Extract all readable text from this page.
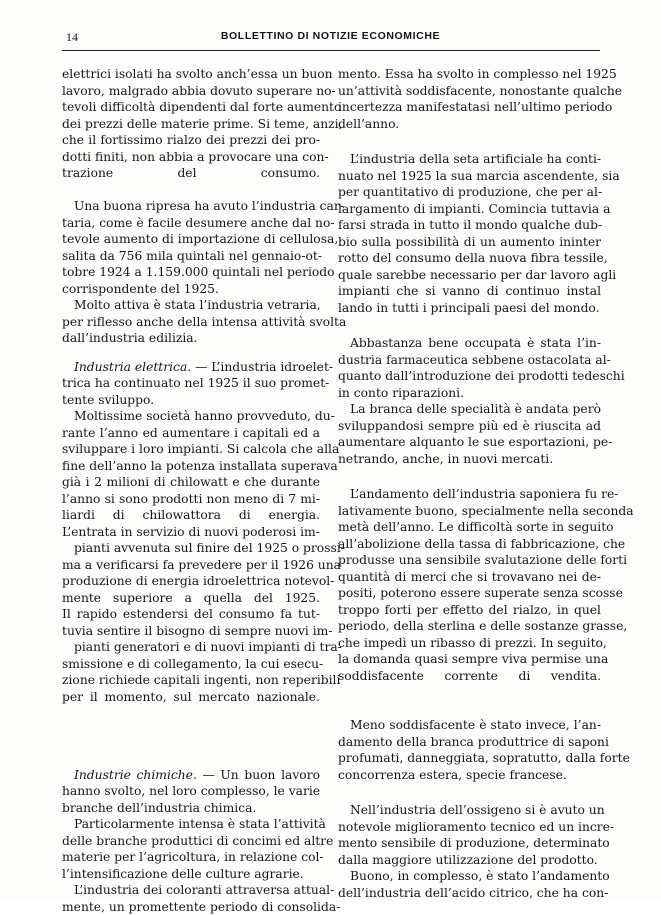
14	BOLLETTINO DI NOTIZIE ECONOMICHE
elettrici isolati ha svolto anch’essa un buon
lavoro, malgrado abbia dovuto superare no-
tevoli difficoltà dipendenti dal forte aumento
dei prezzi delle materie prime. Si teme, anzi,
che il fortissimo rialzo dei prezzi dei pro-
dotti finiti, non abbia a provocare una con-
trazione del consumo.
Una buona ripresa ha avuto l’industria car-
taria, come è facile desumere anche dal no-
tevole aumento di importazione di cellulosa,
salita da 756 mila quintali nel gennaio-ot-
tobre 1924 a 1.159.000 quintali nel periodo
corrispondente del 1925.
Molto attiva è stata l’industria vetraria,
per riflesso anche della intensa attività svolta
dall’industria edilizia.
Industria elettrica. — L’industria idroelet-
trica ha continuato nel 1925 il suo promet-
tente sviluppo.
Moltissime società hanno provveduto, du-
rante l’anno ed aumentare i capitali ed a
sviluppare i loro impianti. Si calcola che alla
fine dell’anno la potenza installata superava
già i 2 milioni di chilowatt e che durante
l’anno si sono prodotti non meno di 7 mi-
liardi di chilowattora di energia.
L’entrata in servizio di nuovi poderosi im-
pianti avvenuta sul finire del 1925 o prossi-
ma a verificarsi fa prevedere per il 1926 una
produzione di energia idroelettrica notevol-
mente superiore a quella del 1925.
Il rapido estendersi del consumo fa tut-
tuvia sentire il bisogno di sempre nuovi im-
pianti generatori e di nuovi impianti di tra-
smissione e di collegamento, la cui esecu-
zione richiede capitali ingenti, non reperibili
per il momento, sul mercato nazionale.
Industrie chimiche. — Un buon lavoro
hanno svolto, nel loro complesso, le varie
branche dell’industria chimica.
Particolarmente intensa è stata l’attività
delle branche produttici di concimi ed altre
materie per l’agricoltura, in relazione col-
l’intensificazione delle culture agrarie.
L’industria dei coloranti attraversa attual-
mente, un promettente periodo di consolida-
mento. Essa ha svolto in complesso nel 1925
un’attività soddisfacente, nonostante qualche
incertezza manifestatasi nell’ultimo periodo
dell’anno.
L’industria della seta artificiale ha conti-
nuato nel 1925 la sua marcia ascendente, sia
per quantitativo di produzione, che per al-
largamento di impianti. Comincia tuttavia a
farsi strada in tutto il mondo qualche dub-
bio sulla possibilità di un aumento ininter
rotto del consumo della nuova fibra tessile,
quale sarebbe necessario per dar lavoro agli
impianti che si vanno di continuo instal
lando in tutti i principali paesi del mondo.
Abbastanza bene occupata è stata l’in-
dustria farmaceutica sebbene ostacolata al-
quanto dall’introduzione dei prodotti tedeschi
in conto riparazioni.
La branca delle specialità è andata però
sviluppandosi sempre più ed è riuscita ad
aumentare alquanto le sue esportazioni, pe-
netrando, anche, in nuovi mercati.
L’andamento dell’industria saponiera fu re-
lativamente buono, specialmente nella seconda
metà dell’anno. Le difficoltà sorte in seguito
all’abolizione della tassa di fabbricazione, che
produsse una sensibile svalutazione delle forti
quantità di merci che si trovavano nei de-
positi, poterono essere superate senza scosse
troppo forti per effetto del rialzo, in quel
periodo, della sterlina e delle sostanze grasse,
che impedì un ribasso di prezzi. In seguito,
la domanda quasi sempre viva permise una
soddisfacente corrente di vendita.
Meno soddisfacente è stato invece, l’an-
damento della branca produttrice di saponi
profumati, danneggiata, sopratutto, dalla forte
concorrenza estera, specie francese.
Nell’industria dell’ossigeno si è avuto un
notevole miglioramento tecnico ed un incre-
mento sensibile di produzione, determinato
dalla maggiore utilizzazione del prodotto.
Buono, in complesso, è stato l’andamento
dell’industria dell’acido citrico, che ha con-
